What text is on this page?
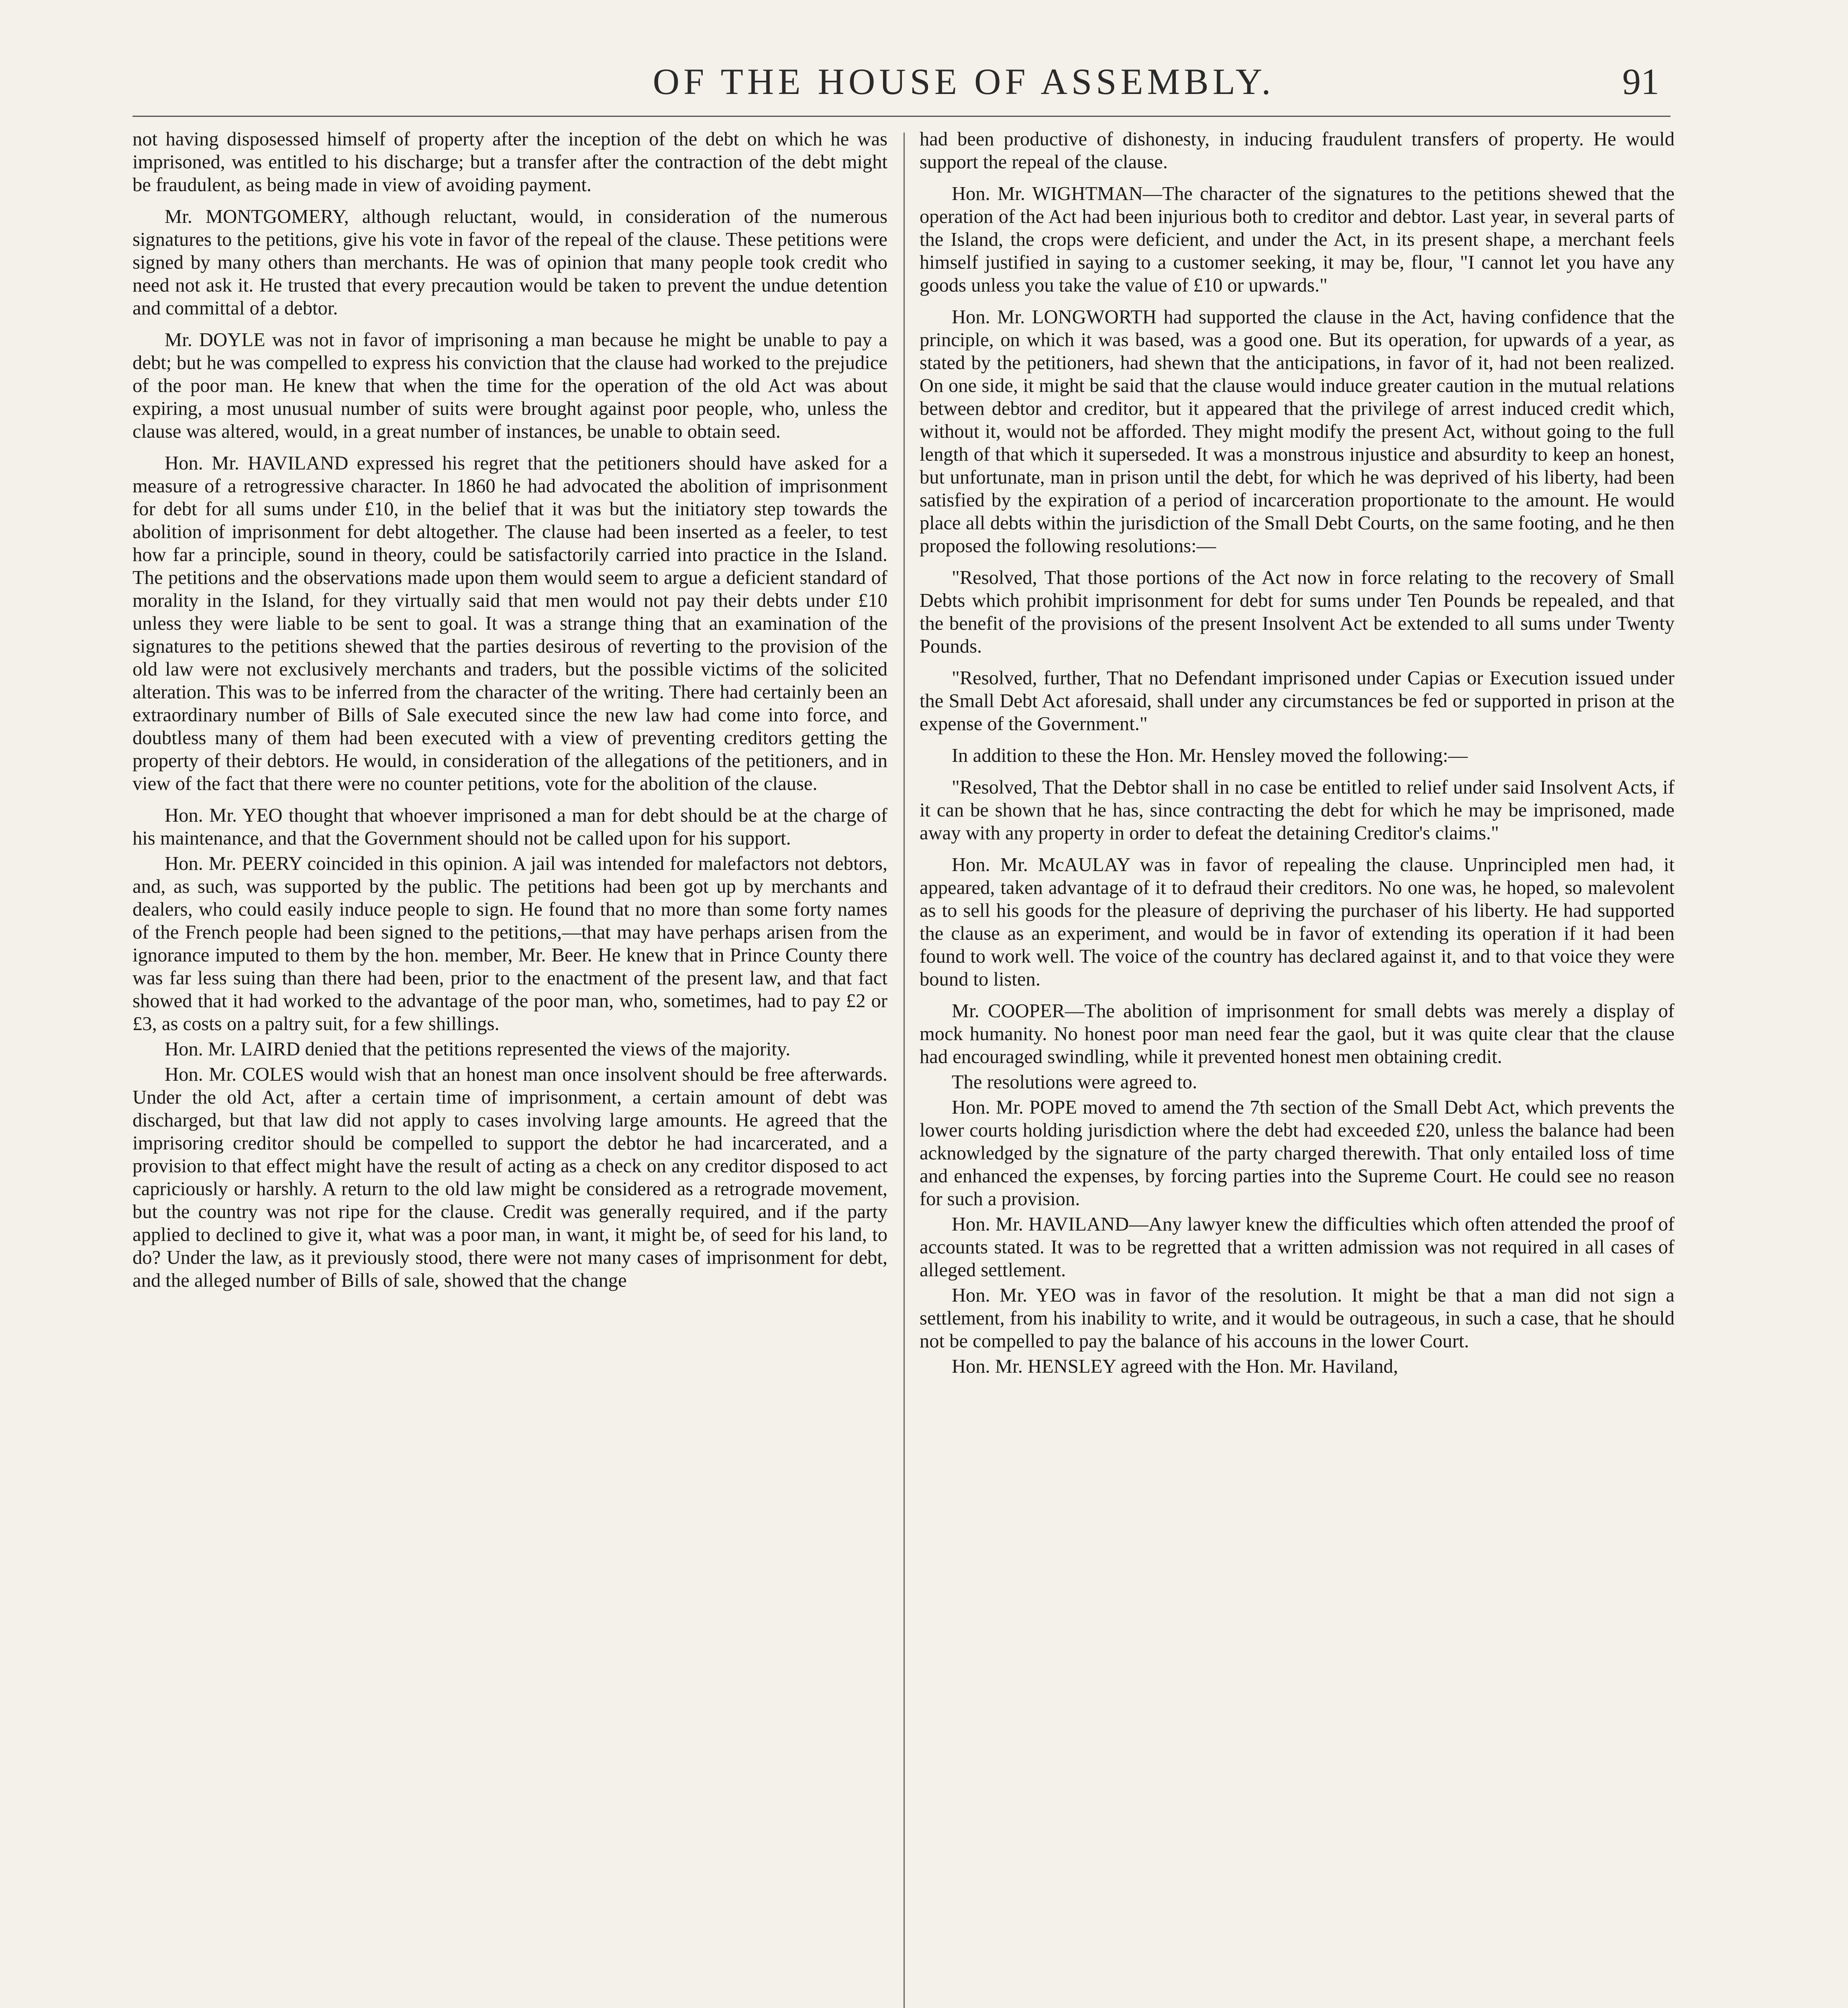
OF THE HOUSE OF ASSEMBLY.	91

not having disposessed himself of property after the inception of the debt on which he was imprisoned, was entitled to his discharge; but a transfer after the contraction of the debt might be fraudulent, as being made in view of avoiding payment.

Mr. MONTGOMERY, although reluctant, would, in consideration of the numerous signatures to the petitions, give his vote in favor of the repeal of the clause. These petitions were signed by many others than merchants. He was of opinion that many people took credit who need not ask it. He trusted that every precaution would be taken to prevent the undue detention and committal of a debtor.

Mr. DOYLE was not in favor of imprisoning a man because he might be unable to pay a debt; but he was compelled to express his conviction that the clause had worked to the prejudice of the poor man. He knew that when the time for the operation of the old Act was about expiring, a most unusual number of suits were brought against poor people, who, unless the clause was altered, would, in a great number of instances, be unable to obtain seed.

Hon. Mr. HAVILAND expressed his regret that the petitioners should have asked for a measure of a retrogressive character. In 1860 he had advocated the abolition of imprisonment for debt for all sums under £10, in the belief that it was but the initiatory step towards the abolition of imprisonment for debt altogether. The clause had been inserted as a feeler, to test how far a principle, sound in theory, could be satisfactorily carried into practice in the Island. The petitions and the observations made upon them would seem to argue a deficient standard of morality in the Island, for they virtually said that men would not pay their debts under £10 unless they were liable to be sent to goal. It was a strange thing that an examination of the signatures to the petitions shewed that the parties desirous of reverting to the provision of the old law were not exclusively merchants and traders, but the possible victims of the solicited alteration. This was to be inferred from the character of the writing. There had certainly been an extraordinary number of Bills of Sale executed since the new law had come into force, and doubtless many of them had been executed with a view of preventing creditors getting the property of their debtors. He would, in consideration of the allegations of the petitioners, and in view of the fact that there were no counter petitions, vote for the abolition of the clause.

Hon. Mr. YEO thought that whoever imprisoned a man for debt should be at the charge of his maintenance, and that the Government should not be called upon for his support.

Hon. Mr. PEERY coincided in this opinion. A jail was intended for malefactors not debtors, and, as such, was supported by the public. The petitions had been got up by merchants and dealers, who could easily induce people to sign. He found that no more than some forty names of the French people had been signed to the petitions,—that may have perhaps arisen from the ignorance imputed to them by the hon. member, Mr. Beer. He knew that in Prince County there was far less suing than there had been, prior to the enactment of the present law, and that fact showed that it had worked to the advantage of the poor man, who, sometimes, had to pay £2 or £3, as costs on a paltry suit, for a few shillings.

Hon. Mr. LAIRD denied that the petitions represented the views of the majority.

Hon. Mr. COLES would wish that an honest man once insolvent should be free afterwards. Under the old Act, after a certain time of imprisonment, a certain amount of debt was discharged, but that law did not apply to cases involving large amounts. He agreed that the imprisoring creditor should be compelled to support the debtor he had incarcerated, and a provision to that effect might have the result of acting as a check on any creditor disposed to act capriciously or harshly. A return to the old law might be considered as a retrograde movement, but the country was not ripe for the clause. Credit was generally required, and if the party applied to declined to give it, what was a poor man, in want, it might be, of seed for his land, to do? Under the law, as it previously stood, there were not many cases of imprisonment for debt, and the alleged number of Bills of sale, showed that the change

had been productive of dishonesty, in inducing fraudulent transfers of property. He would support the repeal of the clause.

Hon. Mr. WIGHTMAN—The character of the signatures to the petitions shewed that the operation of the Act had been injurious both to creditor and debtor. Last year, in several parts of the Island, the crops were deficient, and under the Act, in its present shape, a merchant feels himself justified in saying to a customer seeking, it may be, flour, "I cannot let you have any goods unless you take the value of £10 or upwards."

Hon. Mr. LONGWORTH had supported the clause in the Act, having confidence that the principle, on which it was based, was a good one. But its operation, for upwards of a year, as stated by the petitioners, had shewn that the anticipations, in favor of it, had not been realized. On one side, it might be said that the clause would induce greater caution in the mutual relations between debtor and creditor, but it appeared that the privilege of arrest induced credit which, without it, would not be afforded. They might modify the present Act, without going to the full length of that which it superseded. It was a monstrous injustice and absurdity to keep an honest, but unfortunate, man in prison until the debt, for which he was deprived of his liberty, had been satisfied by the expiration of a period of incarceration proportionate to the amount. He would place all debts within the jurisdiction of the Small Debt Courts, on the same footing, and he then proposed the following resolutions:—

"Resolved, That those portions of the Act now in force relating to the recovery of Small Debts which prohibit imprisonment for debt for sums under Ten Pounds be repealed, and that the benefit of the provisions of the present Insolvent Act be extended to all sums under Twenty Pounds.

"Resolved, further, That no Defendant imprisoned under Capias or Execution issued under the Small Debt Act aforesaid, shall under any circumstances be fed or supported in prison at the expense of the Government."

In addition to these the Hon. Mr. Hensley moved the following:—

"Resolved, That the Debtor shall in no case be entitled to relief under said Insolvent Acts, if it can be shown that he has, since contracting the debt for which he may be imprisoned, made away with any property in order to defeat the detaining Creditor's claims."

Hon. Mr. McAULAY was in favor of repealing the clause. Unprincipled men had, it appeared, taken advantage of it to defraud their creditors. No one was, he hoped, so malevolent as to sell his goods for the pleasure of depriving the purchaser of his liberty. He had supported the clause as an experiment, and would be in favor of extending its operation if it had been found to work well. The voice of the country has declared against it, and to that voice they were bound to listen.

Mr. COOPER—The abolition of imprisonment for small debts was merely a display of mock humanity. No honest poor man need fear the gaol, but it was quite clear that the clause had encouraged swindling, while it prevented honest men obtaining credit.

The resolutions were agreed to.

Hon. Mr. POPE moved to amend the 7th section of the Small Debt Act, which prevents the lower courts holding jurisdiction where the debt had exceeded £20, unless the balance had been acknowledged by the signature of the party charged therewith. That only entailed loss of time and enhanced the expenses, by forcing parties into the Supreme Court. He could see no reason for such a provision.

Hon. Mr. HAVILAND—Any lawyer knew the difficulties which often attended the proof of accounts stated. It was to be regretted that a written admission was not required in all cases of alleged settlement.

Hon. Mr. YEO was in favor of the resolution. It might be that a man did not sign a settlement, from his inability to write, and it would be outrageous, in such a case, that he should not be compelled to pay the balance of his accouns in the lower Court.

Hon. Mr. HENSLEY agreed with the Hon. Mr. Haviland,
